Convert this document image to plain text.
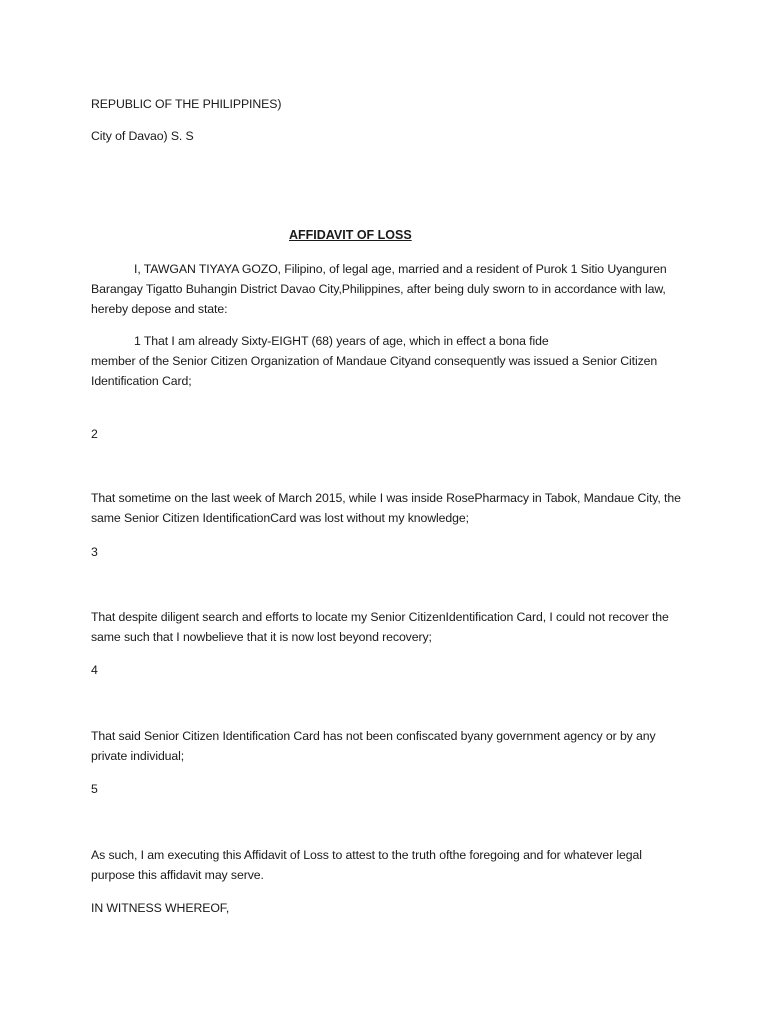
REPUBLIC OF THE PHILIPPINES)
City of Davao) S. S
AFFIDAVIT OF LOSS

I, TAWGAN TIYAYA GOZO, Filipino, of legal age, married and a resident of Purok 1 Sitio Uyanguren Barangay Tigatto Buhangin District Davao City,Philippines, after being duly sworn to in accordance with law, hereby depose and state:

1 That I am already Sixty-EIGHT (68) years of age, which in effect a bona fidemember of the Senior Citizen Organization of Mandaue Cityand consequently was issued a Senior Citizen Identification Card;

2

That sometime on the last week of March 2015, while I was inside RosePharmacy in Tabok, Mandaue City, the same Senior Citizen IdentificationCard was lost without my knowledge;

3

That despite diligent search and efforts to locate my Senior CitizenIdentification Card, I could not recover the same such that I nowbelieve that it is now lost beyond recovery;

4

That said Senior Citizen Identification Card has not been confiscated byany government agency or by any private individual;

5

As such, I am executing this Affidavit of Loss to attest to the truth ofthe foregoing and for whatever legal purpose this affidavit may serve.

IN WITNESS WHEREOF,
